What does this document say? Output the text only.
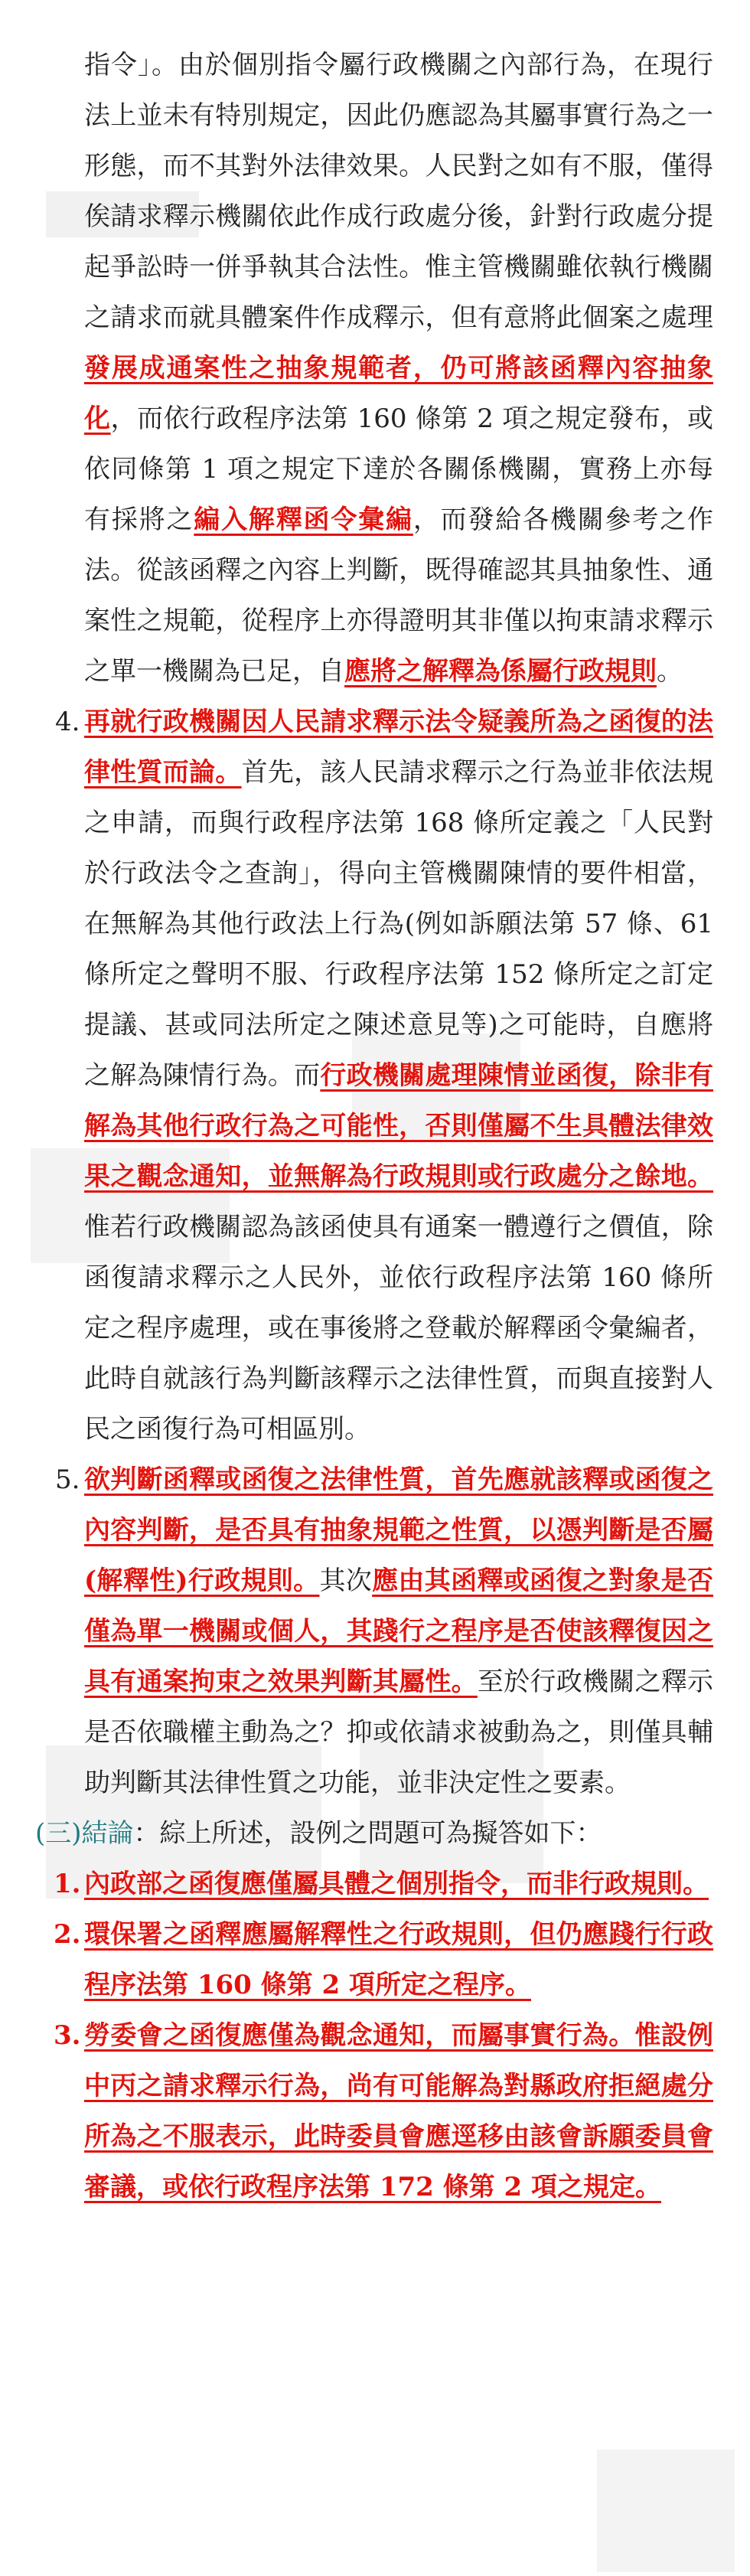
指令」。由於個別指令屬行政機關之內部行為，在現行法上並未有特別規定，因此仍應認為其屬事實行為之一形態，而不其對外法律效果。人民對之如有不服，僅得俟請求釋示機關依此作成行政處分後，針對行政處分提起爭訟時一併爭執其合法性。惟主管機關雖依執行機關之請求而就具體案件作成釋示，但有意將此個案之處理發展成通案性之抽象規範者，仍可將該函釋內容抽象化，而依行政程序法第 160 條第 2 項之規定發布，或依同條第 1 項之規定下達於各關係機關，實務上亦每有採將之編入解釋函令彙編，而發給各機關參考之作法。從該函釋之內容上判斷，既得確認其具抽象性、通案性之規範，從程序上亦得證明其非僅以拘束請求釋示之單一機關為已足，自應將之解釋為係屬行政規則。
4. 再就行政機關因人民請求釋示法令疑義所為之函復的法律性質而論。首先，該人民請求釋示之行為並非依法規之申請，而與行政程序法第 168 條所定義之「人民對於行政法令之查詢」，得向主管機關陳情的要件相當，在無解為其他行政法上行為(例如訴願法第 57 條、61 條所定之聲明不服、行政程序法第 152 條所定之訂定提議、甚或同法所定之陳述意見等)之可能時，自應將之解為陳情行為。而行政機關處理陳情並函復，除非有解為其他行政行為之可能性，否則僅屬不生具體法律效果之觀念通知，並無解為行政規則或行政處分之餘地。惟若行政機關認為該函使具有通案一體遵行之價值，除函復請求釋示之人民外，並依行政程序法第 160 條所定之程序處理，或在事後將之登載於解釋函令彙編者，此時自就該行為判斷該釋示之法律性質，而與直接對人民之函復行為可相區別。
5. 欲判斷函釋或函復之法律性質，首先應就該釋或函復之內容判斷，是否具有抽象規範之性質，以憑判斷是否屬(解釋性)行政規則。其次應由其函釋或函復之對象是否僅為單一機關或個人，其踐行之程序是否使該釋復因之具有通案拘束之效果判斷其屬性。至於行政機關之釋示是否依職權主動為之？抑或依請求被動為之，則僅具輔助判斷其法律性質之功能，並非決定性之要素。
(三)結論：綜上所述，設例之問題可為擬答如下：
1. 內政部之函復應僅屬具體之個別指令，而非行政規則。
2. 環保署之函釋應屬解釋性之行政規則，但仍應踐行行政程序法第 160 條第 2 項所定之程序。
3. 勞委會之函復應僅為觀念通知，而屬事實行為。惟設例中丙之請求釋示行為，尚有可能解為對縣政府拒絕處分所為之不服表示，此時委員會應逕移由該會訴願委員會審議，或依行政程序法第 172 條第 2 項之規定。
